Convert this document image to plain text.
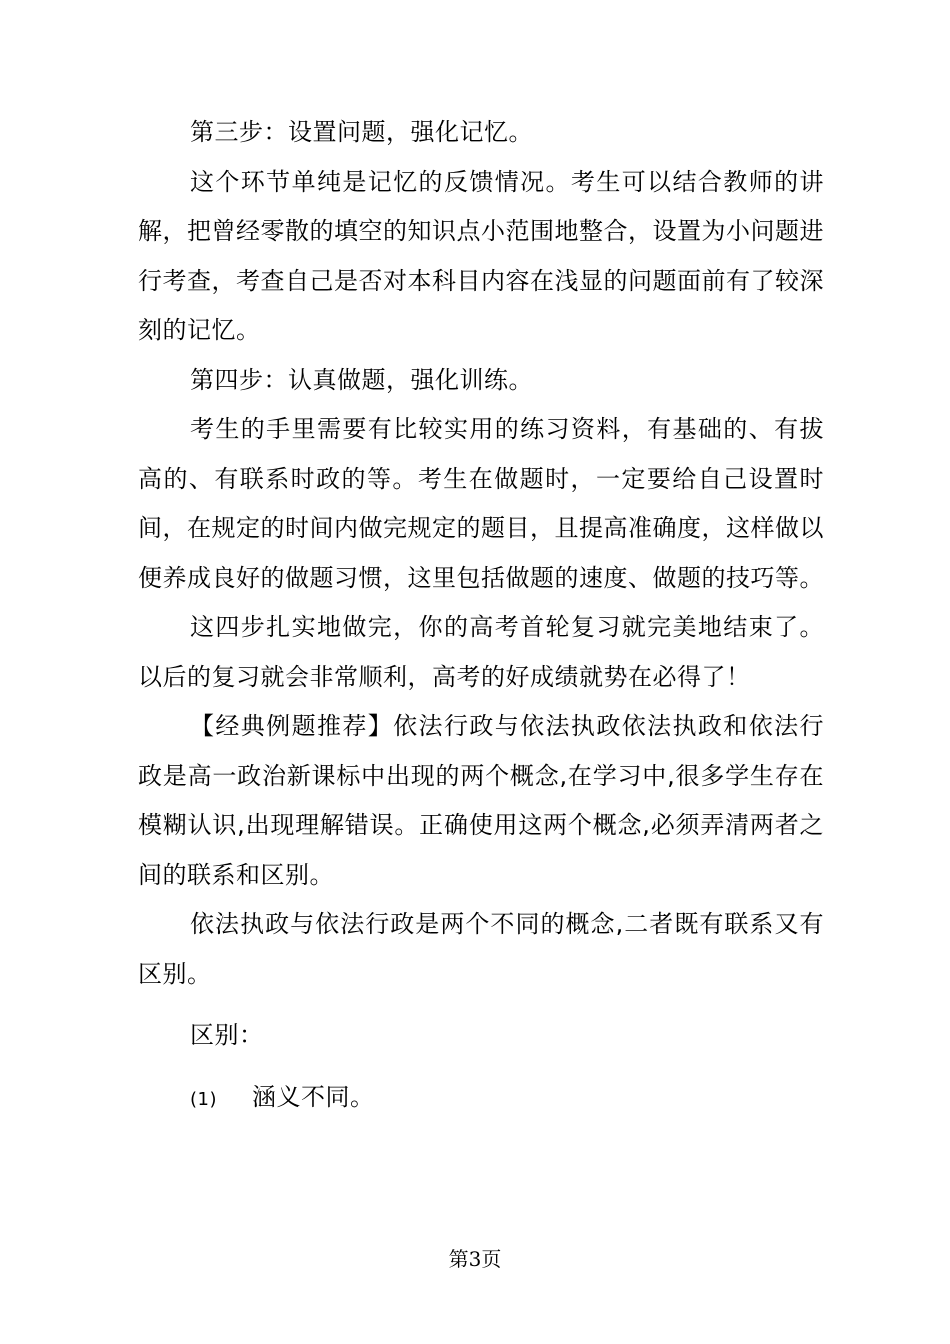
第三步：设置问题，强化记忆。

这个环节单纯是记忆的反馈情况。考生可以结合教师的讲解，把曾经零散的填空的知识点小范围地整合，设置为小问题进行考查，考查自己是否对本科目内容在浅显的问题面前有了较深刻的记忆。

第四步：认真做题，强化训练。

考生的手里需要有比较实用的练习资料，有基础的、有拔高的、有联系时政的等。考生在做题时，一定要给自己设置时间，在规定的时间内做完规定的题目，且提高准确度，这样做以便养成良好的做题习惯，这里包括做题的速度、做题的技巧等。

这四步扎实地做完，你的高考首轮复习就完美地结束了。以后的复习就会非常顺利，高考的好成绩就势在必得了！

【经典例题推荐】依法行政与依法执政依法执政和依法行政是高一政治新课标中出现的两个概念,在学习中,很多学生存在模糊认识,出现理解错误。正确使用这两个概念,必须弄清两者之间的联系和区别。

依法执政与依法行政是两个不同的概念,二者既有联系又有区别。

区别：

(1)	涵义不同。
第3页
